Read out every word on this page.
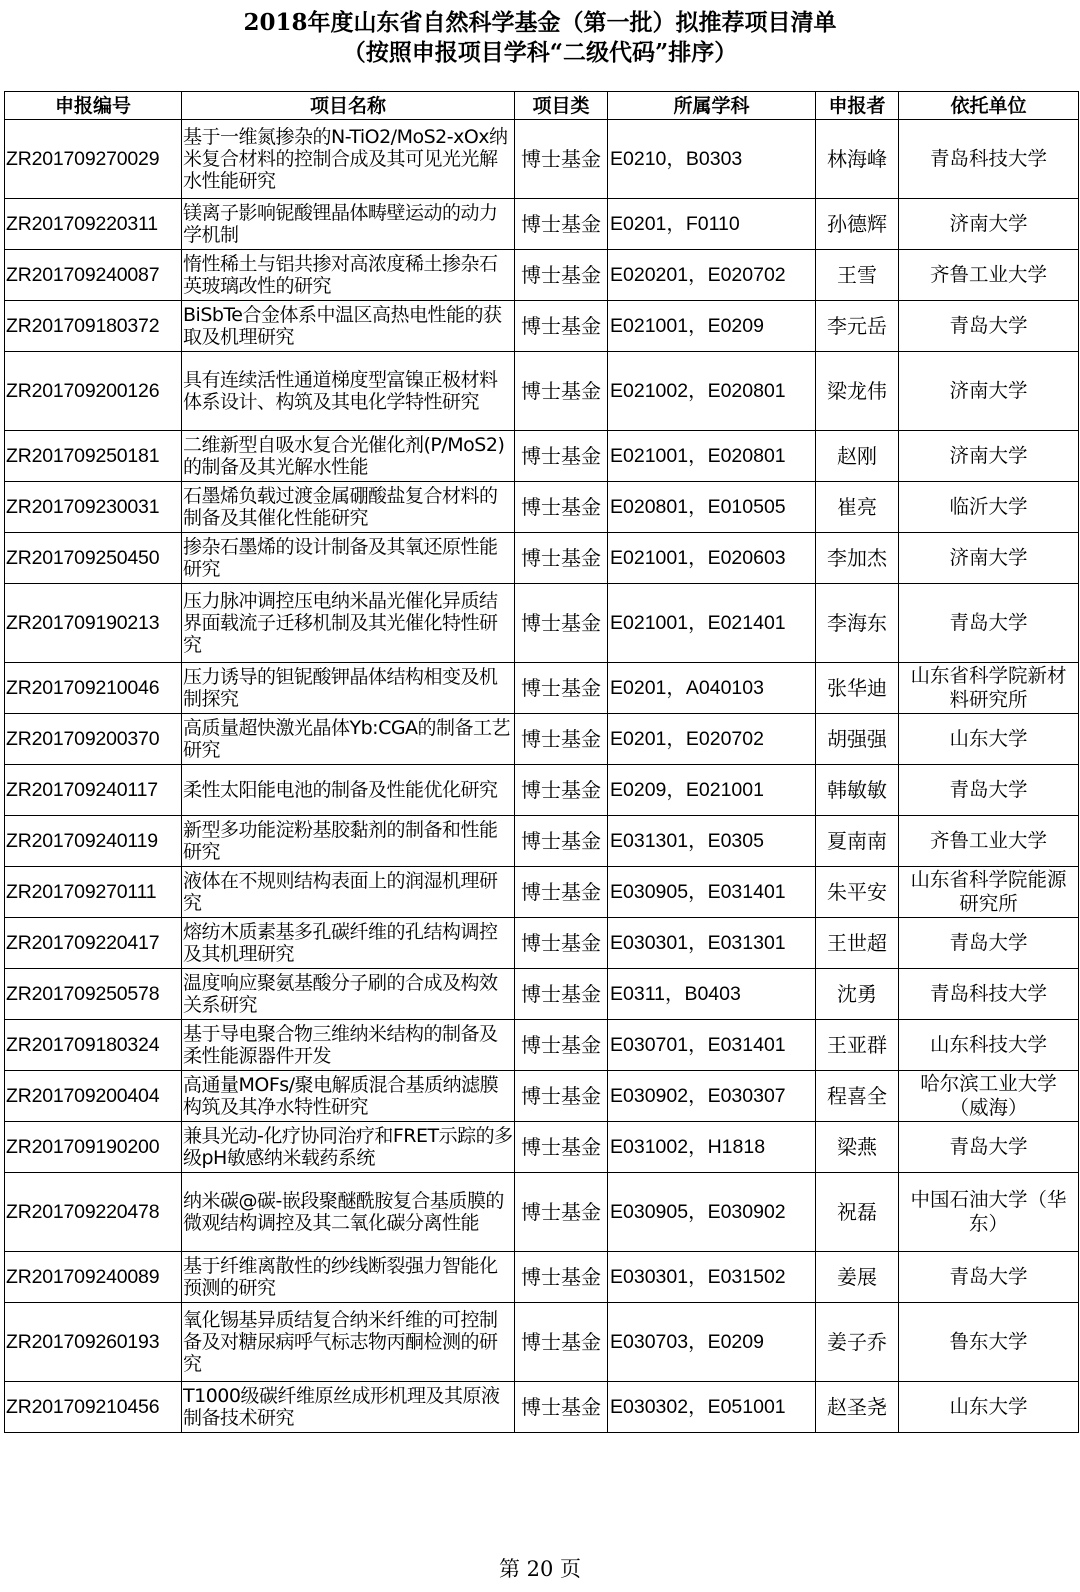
2018年度山东省自然科学基金（第一批）拟推荐项目清单
（按照申报项目学科“二级代码”排序）
申报编号	项目名称	项目类	所属学科	申报者	依托单位
ZR201709270029	基于一维氮掺杂的N-TiO2/MoS2-xOx纳米复合材料的控制合成及其可见光光解水性能研究	博士基金	E0210，B0303	林海峰	青岛科技大学
ZR201709220311	镁离子影响铌酸锂晶体畴壁运动的动力学机制	博士基金	E0201，F0110	孙德辉	济南大学
ZR201709240087	惰性稀土与铝共掺对高浓度稀土掺杂石英玻璃改性的研究	博士基金	E020201，E020702	王雪	齐鲁工业大学
ZR201709180372	BiSbTe合金体系中温区高热电性能的获取及机理研究	博士基金	E021001，E0209	李元岳	青岛大学
ZR201709200126	具有连续活性通道梯度型富镍正极材料体系设计、构筑及其电化学特性研究	博士基金	E021002，E020801	梁龙伟	济南大学
ZR201709250181	二维新型自吸水复合光催化剂(P/MoS2)的制备及其光解水性能	博士基金	E021001，E020801	赵刚	济南大学
ZR201709230031	石墨烯负载过渡金属硼酸盐复合材料的制备及其催化性能研究	博士基金	E020801，E010505	崔亮	临沂大学
ZR201709250450	掺杂石墨烯的设计制备及其氧还原性能研究	博士基金	E021001，E020603	李加杰	济南大学
ZR201709190213	压力脉冲调控压电纳米晶光催化异质结界面载流子迁移机制及其光催化特性研究	博士基金	E021001，E021401	李海东	青岛大学
ZR201709210046	压力诱导的钽铌酸钾晶体结构相变及机制探究	博士基金	E0201，A040103	张华迪	山东省科学院新材料研究所
ZR201709200370	高质量超快激光晶体Yb:CGA的制备工艺研究	博士基金	E0201，E020702	胡强强	山东大学
ZR201709240117	柔性太阳能电池的制备及性能优化研究	博士基金	E0209，E021001	韩敏敏	青岛大学
ZR201709240119	新型多功能淀粉基胶黏剂的制备和性能研究	博士基金	E031301，E0305	夏南南	齐鲁工业大学
ZR201709270111	液体在不规则结构表面上的润湿机理研究	博士基金	E030905，E031401	朱平安	山东省科学院能源研究所
ZR201709220417	熔纺木质素基多孔碳纤维的孔结构调控及其机理研究	博士基金	E030301，E031301	王世超	青岛大学
ZR201709250578	温度响应聚氨基酸分子刷的合成及构效关系研究	博士基金	E0311，B0403	沈勇	青岛科技大学
ZR201709180324	基于导电聚合物三维纳米结构的制备及柔性能源器件开发	博士基金	E030701，E031401	王亚群	山东科技大学
ZR201709200404	高通量MOFs/聚电解质混合基质纳滤膜构筑及其净水特性研究	博士基金	E030902，E030307	程喜全	哈尔滨工业大学（威海）
ZR201709190200	兼具光动-化疗协同治疗和FRET示踪的多级pH敏感纳米载药系统	博士基金	E031002，H1818	梁燕	青岛大学
ZR201709220478	纳米碳@碳-嵌段聚醚酰胺复合基质膜的微观结构调控及其二氧化碳分离性能	博士基金	E030905，E030902	祝磊	中国石油大学（华东）
ZR201709240089	基于纤维离散性的纱线断裂强力智能化预测的研究	博士基金	E030301，E031502	姜展	青岛大学
ZR201709260193	氧化锡基异质结复合纳米纤维的可控制备及对糖尿病呼气标志物丙酮检测的研究	博士基金	E030703，E0209	姜子乔	鲁东大学
ZR201709210456	T1000级碳纤维原丝成形机理及其原液制备技术研究	博士基金	E030302，E051001	赵圣尧	山东大学
第 20 页
